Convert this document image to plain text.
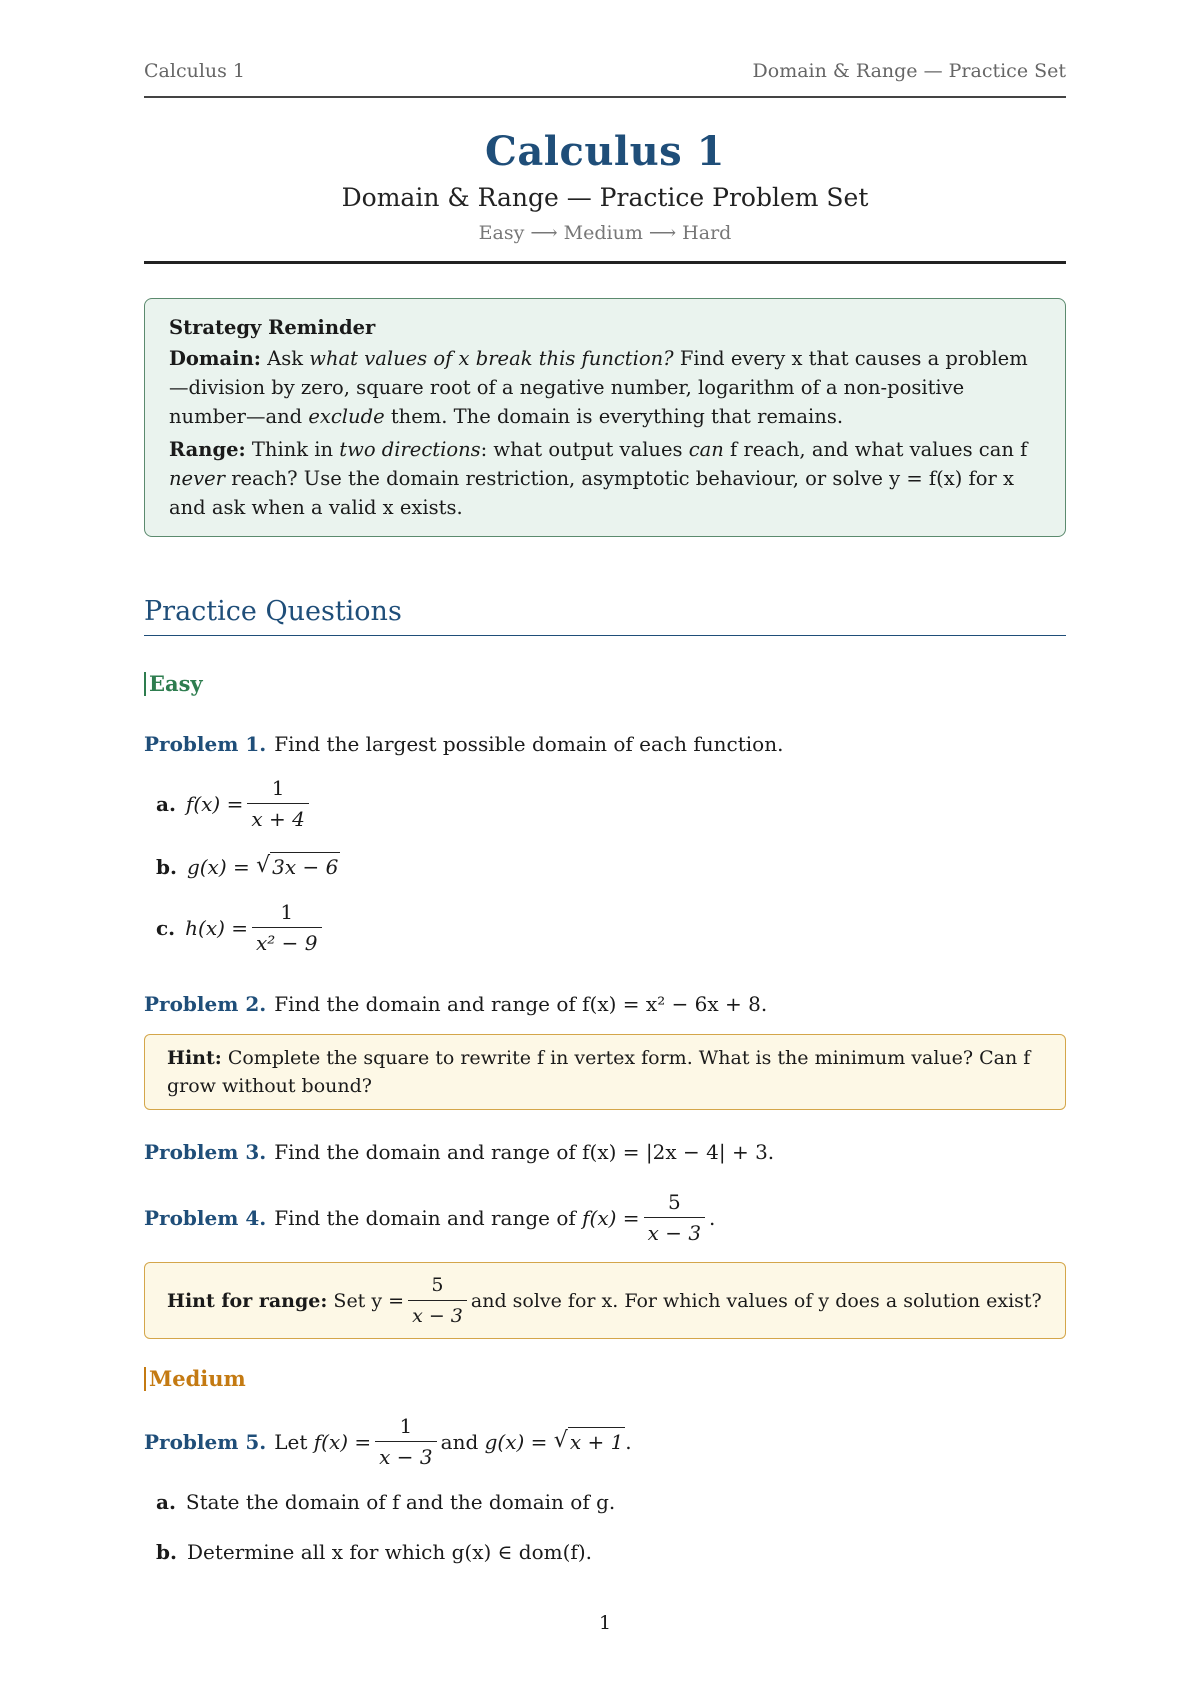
Calculus 1	Domain & Range — Practice Set
Calculus 1
Domain & Range — Practice Problem Set
Easy ⟶ Medium ⟶ Hard
Strategy Reminder

Domain: Ask what values of x break this function? Find every x that causes a problem—division by zero, square root of a negative number, logarithm of a non-positive number—and exclude them. The domain is everything that remains.

Range: Think in two directions: what output values can f reach, and what values can f never reach? Use the domain restriction, asymptotic behaviour, or solve y = f(x) for x and ask when a valid x exists.

Practice Questions
Easy
Problem 1. Find the largest possible domain of each function.
a. $f(x) = \frac{1}{x + 4}$
b. g(x) =
√ 3x − 6
c. $h(x) = \frac{1}{\text{x² − 9}}$
Problem 2. Find the domain and range of f(x) = x² − 6x + 8.
Hint: Complete the square to rewrite f in vertex form. What is the minimum value? Can f grow without bound?
Problem 3. Find the domain and range of f(x) = |2x − 4| + 3.
Problem 4. Find the domain and range of
$f(x) = \frac{5}{x - 3}$ .
Hint for range:
Set $y = \frac{5}{x - 3}$ and solve for x. For which values of y does a solution exist?
Medium
Problem 5. Let
$f(x) = \frac{1}{x - 3}$ and
g(x) =
√ x + 1 .
a. State the domain of f and the domain of g.
b. Determine all x for which g(x) ∈ dom(f).
1
